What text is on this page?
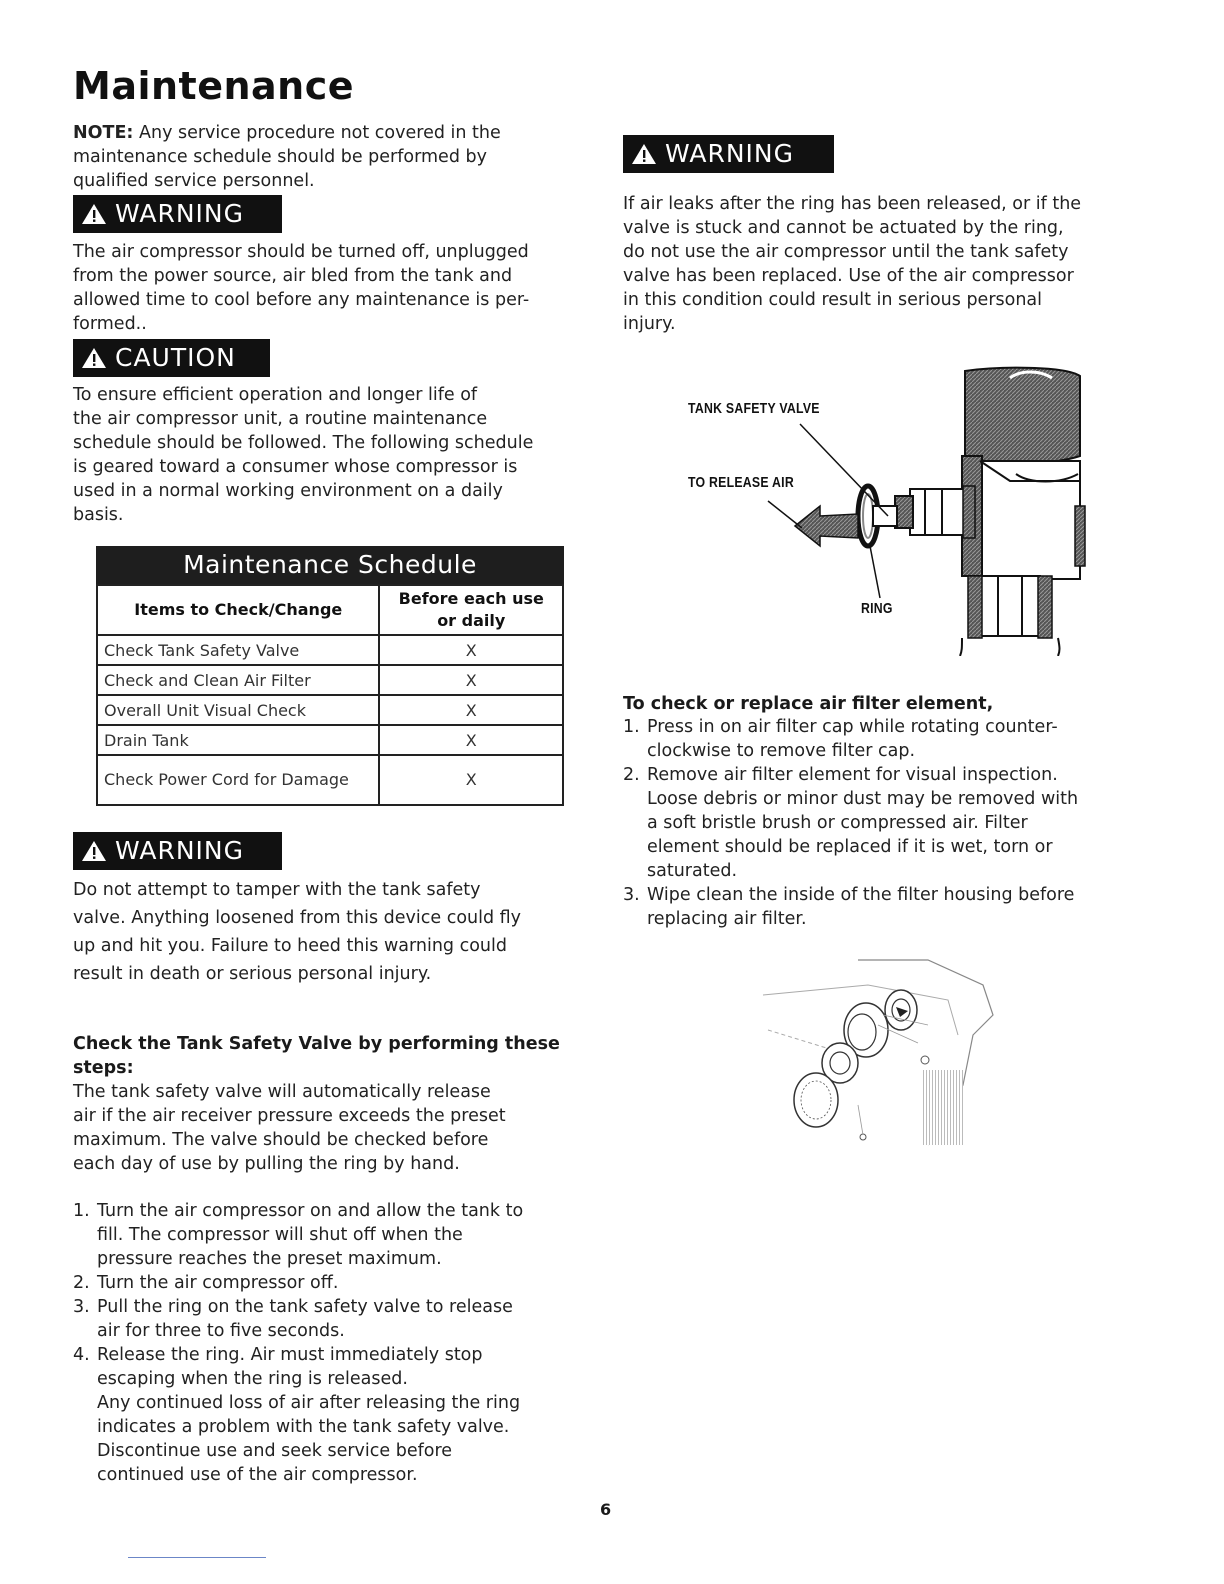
Maintenance
NOTE: Any service procedure not covered in the
maintenance schedule should be performed by
qualified service personnel.
WARNING
The air compressor should be turned off, unplugged
from the power source, air bled from the tank and
allowed time to cool before any maintenance is per-
formed..
CAUTION
To ensure efficient operation and longer life of
the air compressor unit, a routine maintenance
schedule should be followed. The following schedule
is geared toward a consumer whose compressor is
used in a normal working environment on a daily
basis.
Maintenance Schedule
Items to Check/Change	Before each use or daily
Check Tank Safety Valve	X
Check and Clean Air Filter	X
Overall Unit Visual Check	X
Drain Tank	X
Check Power Cord for Damage	X
WARNING
Do not attempt to tamper with the tank safety
valve. Anything loosened from this device could fly
up and hit you. Failure to heed this warning could
result in death or serious personal injury.
Check the Tank Safety Valve by performing these
steps:
The tank safety valve will automatically release
air if the air receiver pressure exceeds the preset
maximum. The valve should be checked before
each day of use by pulling the ring by hand.
1. Turn the air compressor on and allow the tank to
fill. The compressor will shut off when the
pressure reaches the preset maximum.
2. Turn the air compressor off.
3. Pull the ring on the tank safety valve to release
air for three to five seconds.
4. Release the ring. Air must immediately stop
escaping when the ring is released.
Any continued loss of air after releasing the ring
indicates a problem with the tank safety valve.
Discontinue use and seek service before
continued use of the air compressor.
WARNING
If air leaks after the ring has been released, or if the
valve is stuck and cannot be actuated by the ring,
do not use the air compressor until the tank safety
valve has been replaced. Use of the air compressor
in this condition could result in serious personal
injury.
TANK SAFETY VALVE
TO RELEASE AIR
RING
To check or replace air filter element,
1. Press in on air filter cap while rotating counter-
clockwise to remove filter cap.
2. Remove air filter element for visual inspection.
Loose debris or minor dust may be removed with
a soft bristle brush or compressed air. Filter
element should be replaced if it is wet, torn or
saturated.
3. Wipe clean the inside of the filter housing before
replacing air filter.
6
